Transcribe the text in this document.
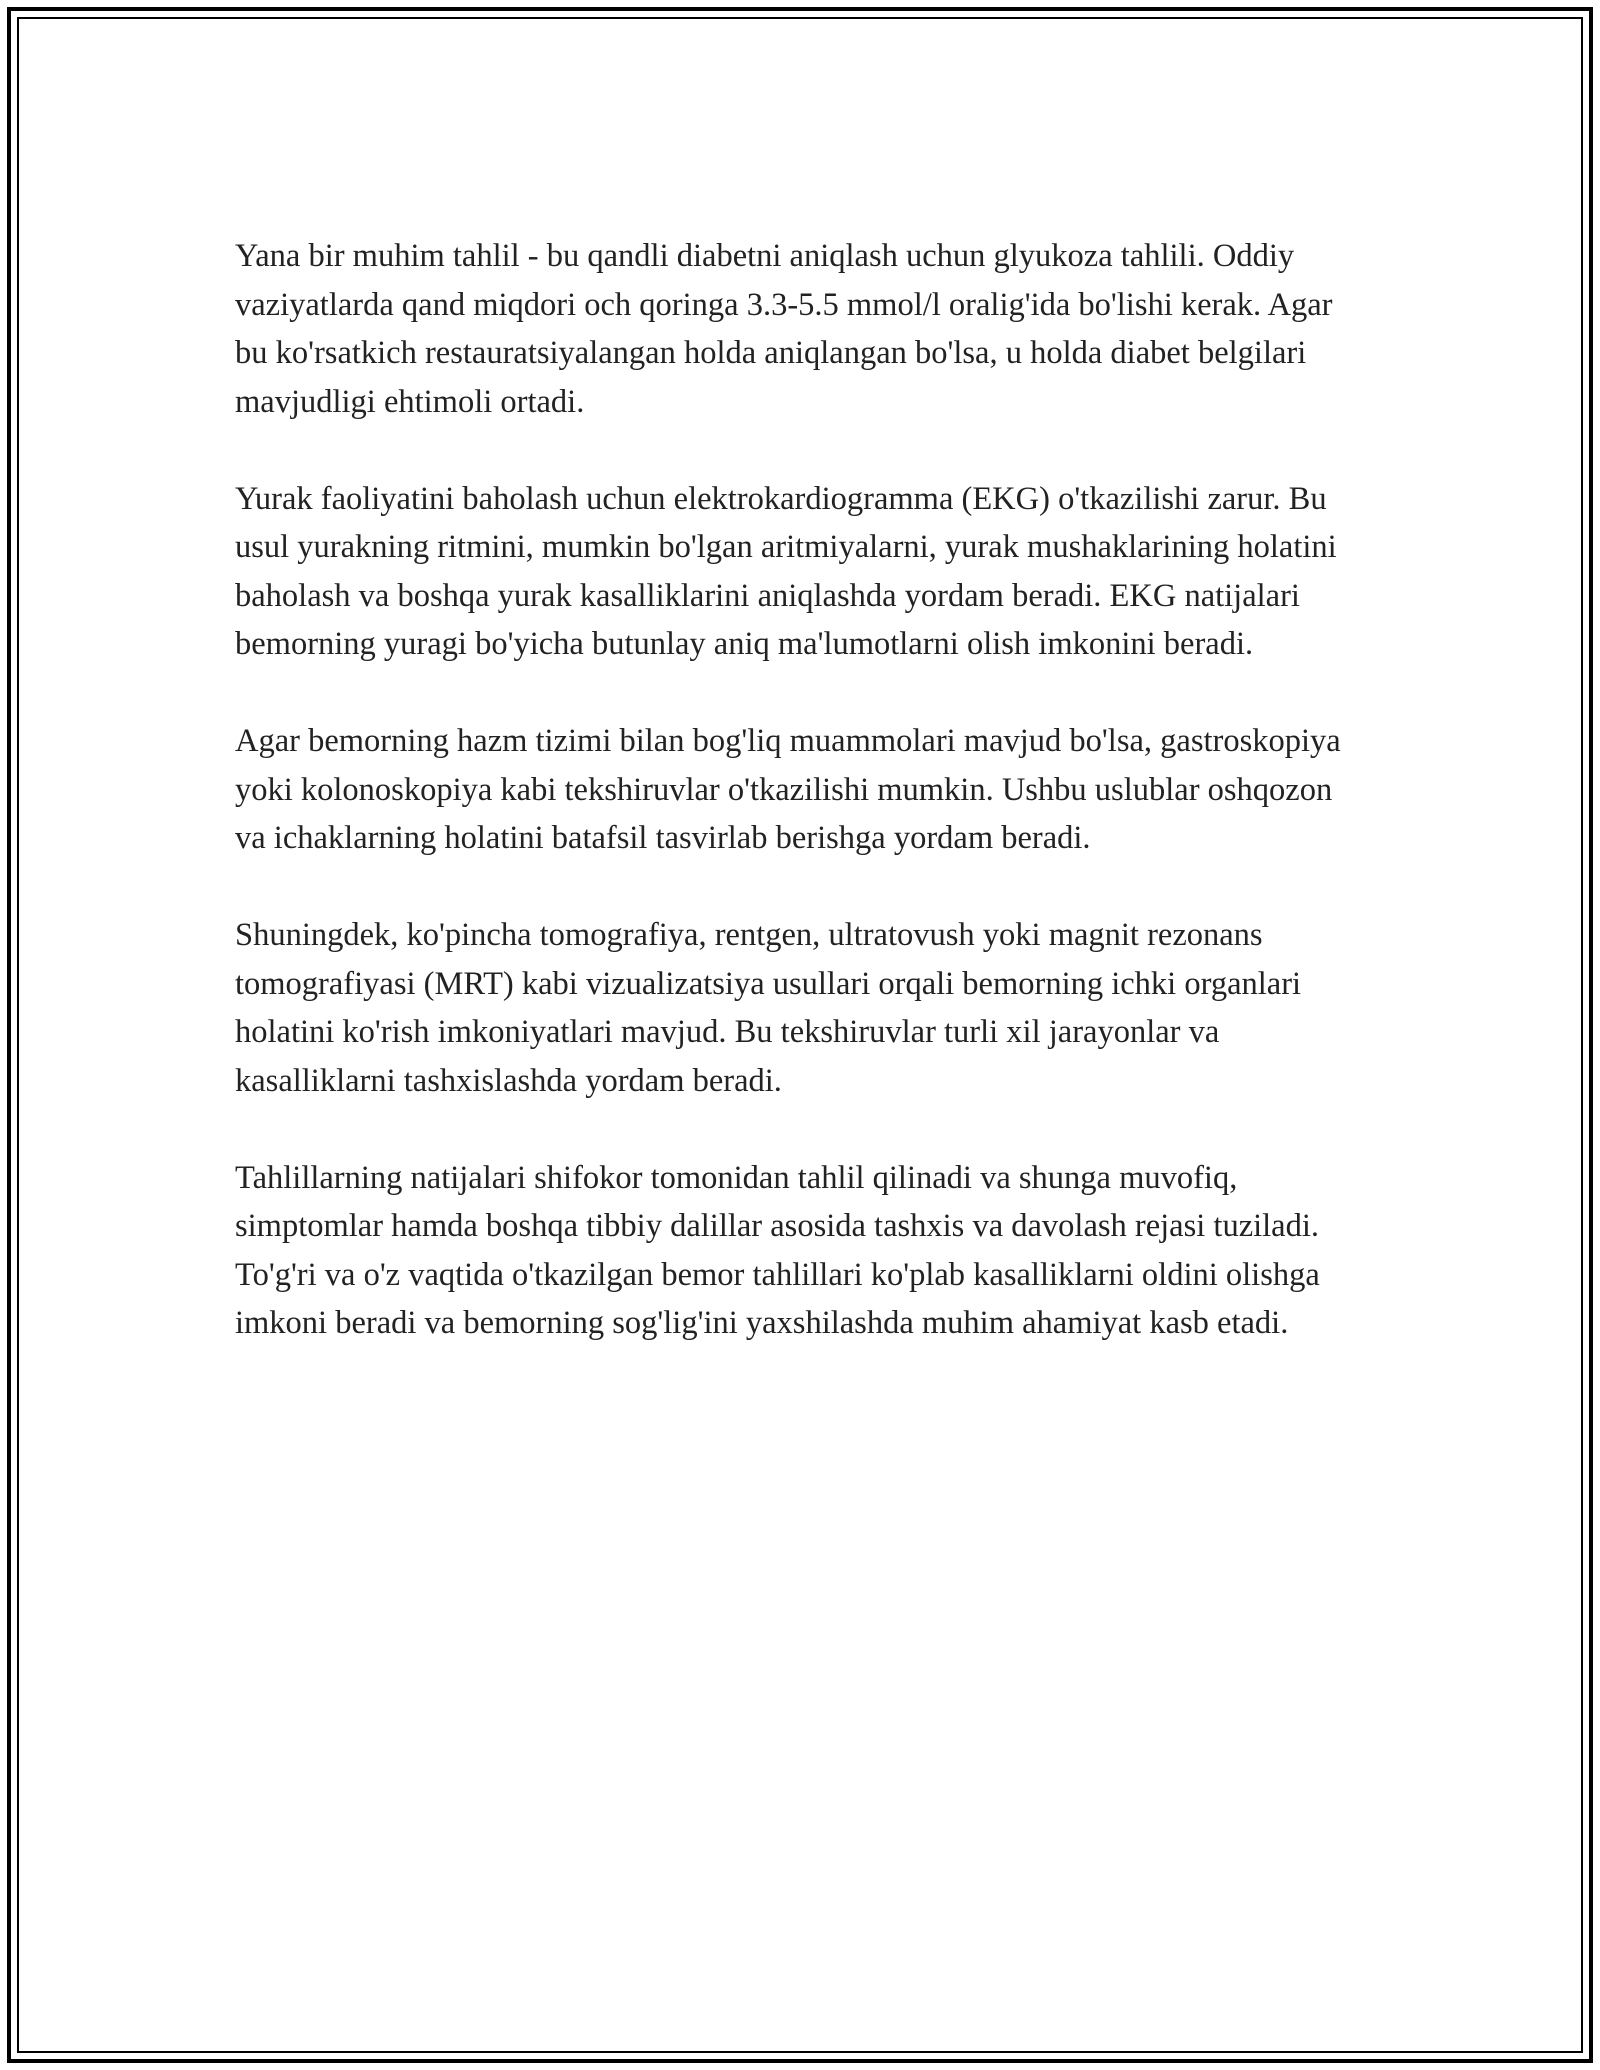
Yana bir muhim tahlil - bu qandli diabetni aniqlash uchun glyukoza tahlili. Oddiy vaziyatlarda qand miqdori och qoringa 3.3-5.5 mmol/l oralig'ida bo'lishi kerak. Agar bu ko'rsatkich restauratsiyalangan holda aniqlangan bo'lsa, u holda diabet belgilari mavjudligi ehtimoli ortadi.

Yurak faoliyatini baholash uchun elektrokardiogramma (EKG) o'tkazilishi zarur. Bu usul yurakning ritmini, mumkin bo'lgan aritmiyalarni, yurak mushaklarining holatini baholash va boshqa yurak kasalliklarini aniqlashda yordam beradi. EKG natijalari bemorning yuragi bo'yicha butunlay aniq ma'lumotlarni olish imkonini beradi.

Agar bemorning hazm tizimi bilan bog'liq muammolari mavjud bo'lsa, gastroskopiya yoki kolonoskopiya kabi tekshiruvlar o'tkazilishi mumkin. Ushbu uslublar oshqozon va ichaklarning holatini batafsil tasvirlab berishga yordam beradi.

Shuningdek, ko'pincha tomografiya, rentgen, ultratovush yoki magnit rezonans tomografiyasi (MRT) kabi vizualizatsiya usullari orqali bemorning ichki organlari holatini ko'rish imkoniyatlari mavjud. Bu tekshiruvlar turli xil jarayonlar va kasalliklarni tashxislashda yordam beradi.

Tahlillarning natijalari shifokor tomonidan tahlil qilinadi va shunga muvofiq, simptomlar hamda boshqa tibbiy dalillar asosida tashxis va davolash rejasi tuziladi. To'g'ri va o'z vaqtida o'tkazilgan bemor tahlillari ko'plab kasalliklarni oldini olishga imkoni beradi va bemorning sog'lig'ini yaxshilashda muhim ahamiyat kasb etadi.
